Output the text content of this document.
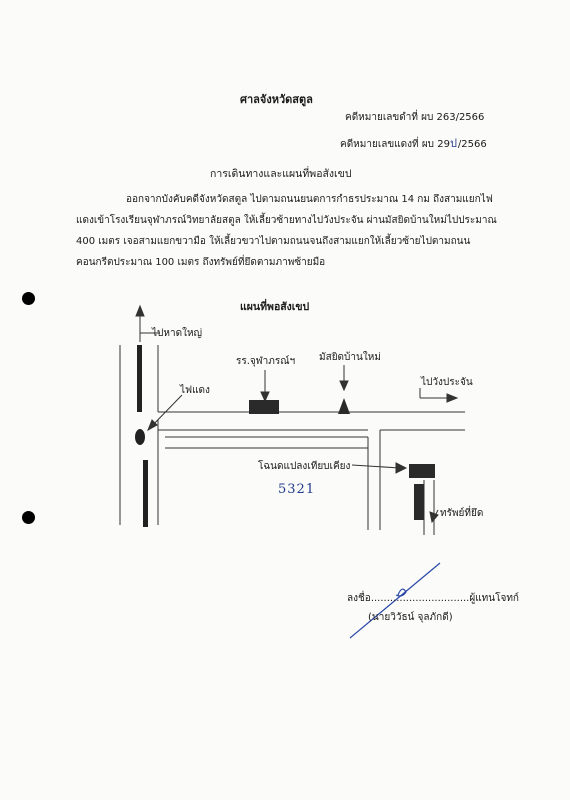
ศาลจังหวัดสตูล
คดีหมายเลขดำที่ ผบ 263/2566
คดีหมายเลขแดงที่ ผบ 29ป/2566
การเดินทางและแผนที่พอสังเขป
ออกจากบังคับคดีจังหวัดสตูล ไปตามถนนยนตการกำธรประมาณ 14 กม ถึงสามแยกไฟแดงเข้าโรงเรียนจุฬาภรณ์วิทยาลัยสตูล ให้เลี้ยวซ้ายทางไปวังประจัน ผ่านมัสยิดบ้านใหม่ไปประมาณ 400 เมตร เจอสามแยกขวามือ ให้เลี้ยวขวาไปตามถนนจนถึงสามแยกให้เลี้ยวซ้ายไปตามถนนคอนกรีตประมาณ 100 เมตร ถึงทรัพย์ที่ยึดตามภาพซ้ายมือ
แผนที่พอสังเขป
ไปหาดใหญ่
ไฟแดง
รร.จุฬาภรณ์ฯ มัสยิดบ้านใหม่
ไปวังประจัน
โฉนดแปลงเทียบเคียง
ทรัพย์ที่ยึด
5321
ลงชื่อ...............................ผู้แทนโจทก์
(นายวิวัธน์ จุลภักดี)
